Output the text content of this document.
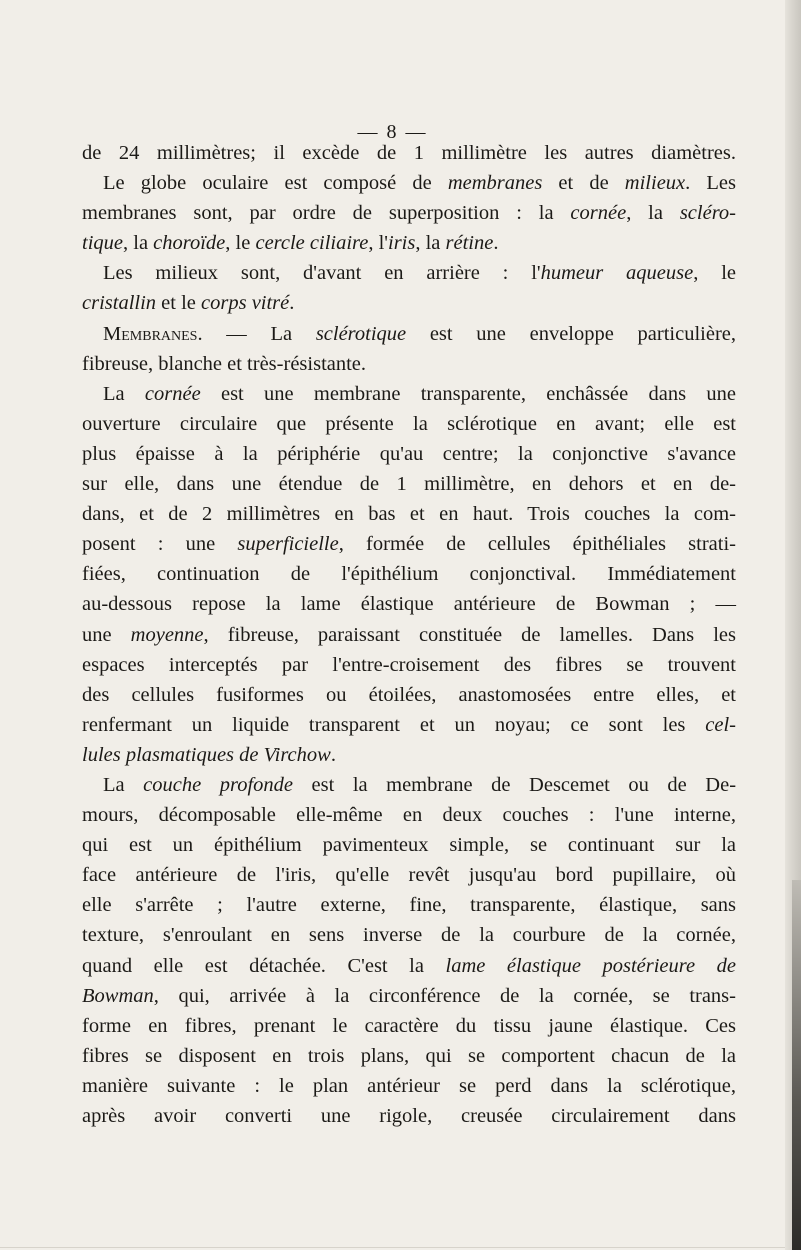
— 8 —
de 24 millimètres; il excède de 1 millimètre les autres diamètres.
Le globe oculaire est composé de membranes et de milieux. Les
membranes sont, par ordre de superposition : la cornée, la scléro-
tique, la choroïde, le cercle ciliaire, l'iris, la rétine.
Les milieux sont, d'avant en arrière : l'humeur aqueuse, le
cristallin et le corps vitré.
Membranes. — La sclérotique est une enveloppe particulière,
fibreuse, blanche et très-résistante.
La cornée est une membrane transparente, enchâssée dans une
ouverture circulaire que présente la sclérotique en avant; elle est
plus épaisse à la périphérie qu'au centre; la conjonctive s'avance
sur elle, dans une étendue de 1 millimètre, en dehors et en de-
dans, et de 2 millimètres en bas et en haut. Trois couches la com-
posent : une superficielle, formée de cellules épithéliales strati-
fiées, continuation de l'épithélium conjonctival. Immédiatement
au-dessous repose la lame élastique antérieure de Bowman ; —
une moyenne, fibreuse, paraissant constituée de lamelles. Dans les
espaces interceptés par l'entre-croisement des fibres se trouvent
des cellules fusiformes ou étoilées, anastomosées entre elles, et
renfermant un liquide transparent et un noyau; ce sont les cel-
lules plasmatiques de Virchow.
La couche profonde est la membrane de Descemet ou de De-
mours, décomposable elle-même en deux couches : l'une interne,
qui est un épithélium pavimenteux simple, se continuant sur la
face antérieure de l'iris, qu'elle revêt jusqu'au bord pupillaire, où
elle s'arrête ; l'autre externe, fine, transparente, élastique, sans
texture, s'enroulant en sens inverse de la courbure de la cornée,
quand elle est détachée. C'est la lame élastique postérieure de
Bowman, qui, arrivée à la circonférence de la cornée, se trans-
forme en fibres, prenant le caractère du tissu jaune élastique. Ces
fibres se disposent en trois plans, qui se comportent chacun de la
manière suivante : le plan antérieur se perd dans la sclérotique,
après avoir converti une rigole, creusée circulairement dans
